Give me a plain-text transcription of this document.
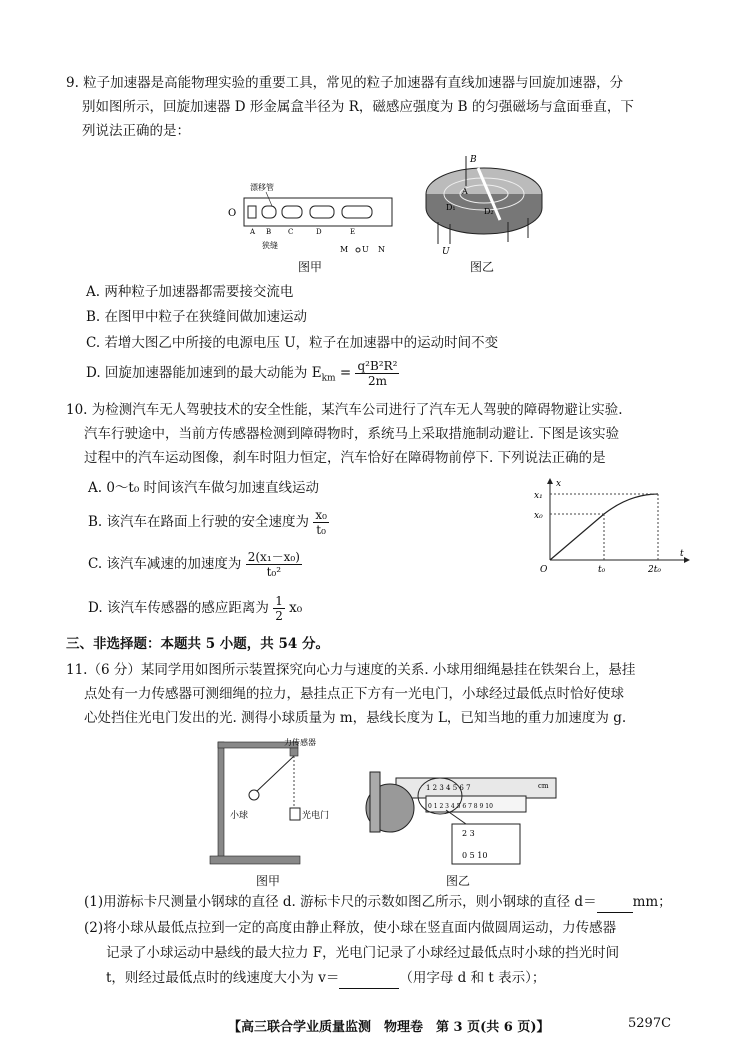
9. 粒子加速器是高能物理实验的重要工具，常见的粒子加速器有直线加速器与回旋加速器，分
别如图所示，回旋加速器 D 形金属盒半径为 R，磁感应强度为 B 的匀强磁场与盒面垂直，下
列说法正确的是：
O
漂移管
A B C	D	E
狭缝	M U N
图甲
B
A
D₁	D₂
U
图乙
A. 两种粒子加速器都需要接交流电
B. 在图甲中粒子在狭缝间做加速运动
C. 若增大图乙中所接的电源电压 U，粒子在加速器中的运动时间不变
D. 回旋加速器能加速到的最大动能为 $E_{km} = \frac{\text{q²B²R²}}{2m}$
10. 为检测汽车无人驾驶技术的安全性能，某汽车公司进行了汽车无人驾驶的障碍物避让实验.
汽车行驶途中，当前方传感器检测到障碍物时，系统马上采取措施制动避让. 下图是该实验
过程中的汽车运动图像，刹车时阻力恒定，汽车恰好在障碍物前停下. 下列说法正确的是
A. 0～t₀ 时间该汽车做匀加速直线运动
B. 该汽车在路面上行驶的安全速度为 $\frac{\text{x₀}}{\text{t₀}}$
C. 该汽车减速的加速度为 $\frac{\text{2(x₁－x₀)}}{\text{t₀²}}$
D. 该汽车传感器的感应距离为 $\frac{1}{2} x_0$
x₁
x₀
x
O	t₀	2t₀
t
三、非选择题：本题共 5 小题，共 54 分。
11.（6 分）某同学用如图所示装置探究向心力与速度的关系. 小球用细绳悬挂在铁架台上，悬挂
点处有一力传感器可测细绳的拉力，悬挂点正下方有一光电门，小球经过最低点时恰好使球
心处挡住光电门发出的光. 测得小球质量为 m，悬线长度为 L，已知当地的重力加速度为 g.
力传感器
小球	光电门
图甲
1 2 3 4 5 6 7	cm
0 1 2 3 4 5 6 7 8 9 10
2 3
0 5 10
图乙
(1)用游标卡尺测量小钢球的直径 d. 游标卡尺的示数如图乙所示，则小钢球的直径 d＝	mm；
(2)将小球从最低点拉到一定的高度由静止释放，使小球在竖直面内做圆周运动，力传感器
记录了小球运动中悬线的最大拉力 F，光电门记录了小球经过最低点时小球的挡光时间
t，则经过最低点时的线速度大小为 v＝	（用字母 d 和 t 表示）；
【高三联合学业质量监测　物理卷　第 3 页(共 6 页)】	5297C
